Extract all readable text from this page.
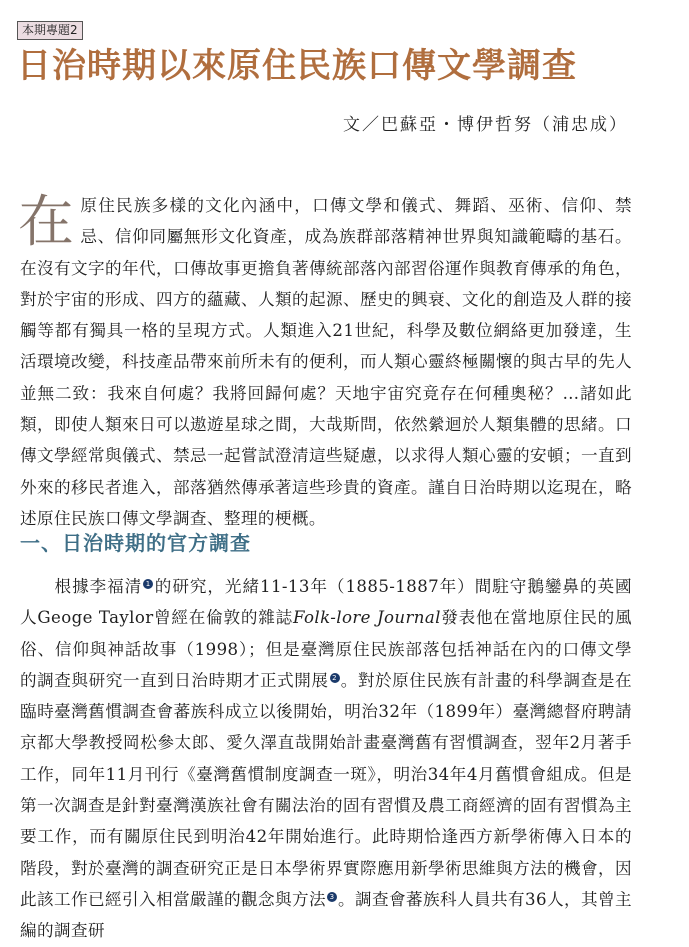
本期專題2
日治時期以來原住民族口傳文學調查
文／巴蘇亞・博伊哲努（浦忠成）
在 原住民族多樣的文化內涵中，口傳文學和儀式、舞蹈、巫術、信仰、禁忌、信仰同屬無形文化資產，成為族群部落精神世界與知識範疇的基石。在沒有文字的年代，口傳故事更擔負著傳統部落內部習俗運作與教育傳承的角色，對於宇宙的形成、四方的蘊藏、人類的起源、歷史的興衰、文化的創造及人群的接觸等都有獨具一格的呈現方式。人類進入21世紀，科學及數位網絡更加發達，生活環境改變，科技產品帶來前所未有的便利，而人類心靈終極關懷的與古早的先人並無二致：我來自何處？我將回歸何處？天地宇宙究竟存在何種奧秘？…諸如此類，即使人類來日可以遨遊星球之間，大哉斯問，依然縈迴於人類集體的思緒。口傳文學經常與儀式、禁忌一起嘗試澄清這些疑慮，以求得人類心靈的安頓；一直到外來的移民者進入，部落猶然傳承著這些珍貴的資產。謹自日治時期以迄現在，略述原住民族口傳文學調查、整理的梗概。
一、日治時期的官方調查
根據李福清 1 的研究，光緒11-13年（1885-1887年）間駐守鵝鑾鼻的英國人Geoge Taylor曾經在倫敦的雜誌Folk-lore Journal發表他在當地原住民的風俗、信仰與神話故事（1998）；但是臺灣原住民族部落包括神話在內的口傳文學的調查與研究一直到日治時期才正式開展 2 。對於原住民族有計畫的科學調查是在臨時臺灣舊慣調查會蕃族科成立以後開始，明治32年（1899年）臺灣總督府聘請京都大學教授岡松參太郎、愛久澤直哉開始計畫臺灣舊有習慣調查，翌年2月著手工作，同年11月刊行《臺灣舊慣制度調查一斑》，明治34年4月舊慣會組成。但是第一次調查是針對臺灣漢族社會有關法治的固有習慣及農工商經濟的固有習慣為主要工作，而有關原住民到明治42年開始進行。此時期恰逢西方新學術傳入日本的階段，對於臺灣的調查研究正是日本學術界實際應用新學術思維與方法的機會，因此該工作已經引入相當嚴謹的觀念與方法 3 。調查會蕃族科人員共有36人，其曾主編的調查研
